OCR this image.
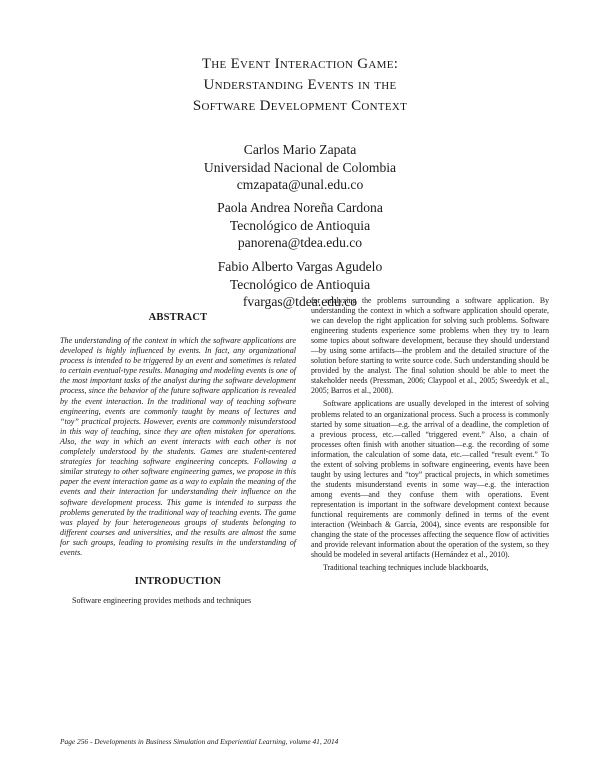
The Event Interaction Game:
Understanding Events in the
Software Development Context
Carlos Mario Zapata
Universidad Nacional de Colombia
cmzapata@unal.edu.co
Paola Andrea Noreña Cardona
Tecnológico de Antioquia
panorena@tdea.edu.co
Fabio Alberto Vargas Agudelo
Tecnológico de Antioquia
fvargas@tdea.edu.co
ABSTRACT

The understanding of the context in which the software applications are developed is highly influenced by events. In fact, any organizational process is intended to be triggered by an event and sometimes is related to certain eventual-type results. Managing and modeling events is one of the most important tasks of the analyst during the software development process, since the behavior of the future software application is revealed by the event interaction. In the traditional way of teaching software engineering, events are commonly taught by means of lectures and “toy” practical projects. However, events are commonly misunderstood in this way of teaching, since they are often mistaken for operations. Also, the way in which an event interacts with each other is not completely understood by the students. Games are student-centered strategies for teaching software engineering concepts. Following a similar strategy to other software engineering games, we propose in this paper the event interaction game as a way to explain the meaning of the events and their interaction for understanding their influence on the software development process. This game is intended to surpass the problems generated by the traditional way of teaching events. The game was played by four heterogeneous groups of students belonging to different courses and universities, and the results are almost the same for such groups, leading to promising results in the understanding of events.

INTRODUCTION

Software engineering provides methods and techniques

for analyzing the problems surrounding a software application. By understanding the context in which a software application should operate, we can develop the right application for solving such problems. Software engineering students experience some problems when they try to learn some topics about software development, because they should understand—by using some artifacts—the problem and the detailed structure of the solution before starting to write source code. Such understanding should be provided by the analyst. The final solution should be able to meet the stakeholder needs (Pressman, 2006; Claypool et al., 2005; Sweedyk et al., 2005; Barros et al., 2008).

Software applications are usually developed in the interest of solving problems related to an organizational process. Such a process is commonly started by some situation—e.g. the arrival of a deadline, the completion of a previous process, etc.—called “triggered event.” Also, a chain of processes often finish with another situation—e.g. the recording of some information, the calculation of some data, etc.—called “result event.” To the extent of solving problems in software engineering, events have been taught by using lectures and “toy” practical projects, in which sometimes the students misunderstand events in some way—e.g. the interaction among events—and they confuse them with operations. Event representation is important in the software development context because functional requirements are commonly defined in terms of the event interaction (Weinbach & García, 2004), since events are responsible for changing the state of the processes affecting the sequence flow of activities and provide relevant information about the operation of the system, so they should be modeled in several artifacts (Hernández et al., 2010).

Traditional teaching techniques include blackboards,

Page 256 - Developments in Business Simulation and Experiential Learning, volume 41, 2014
